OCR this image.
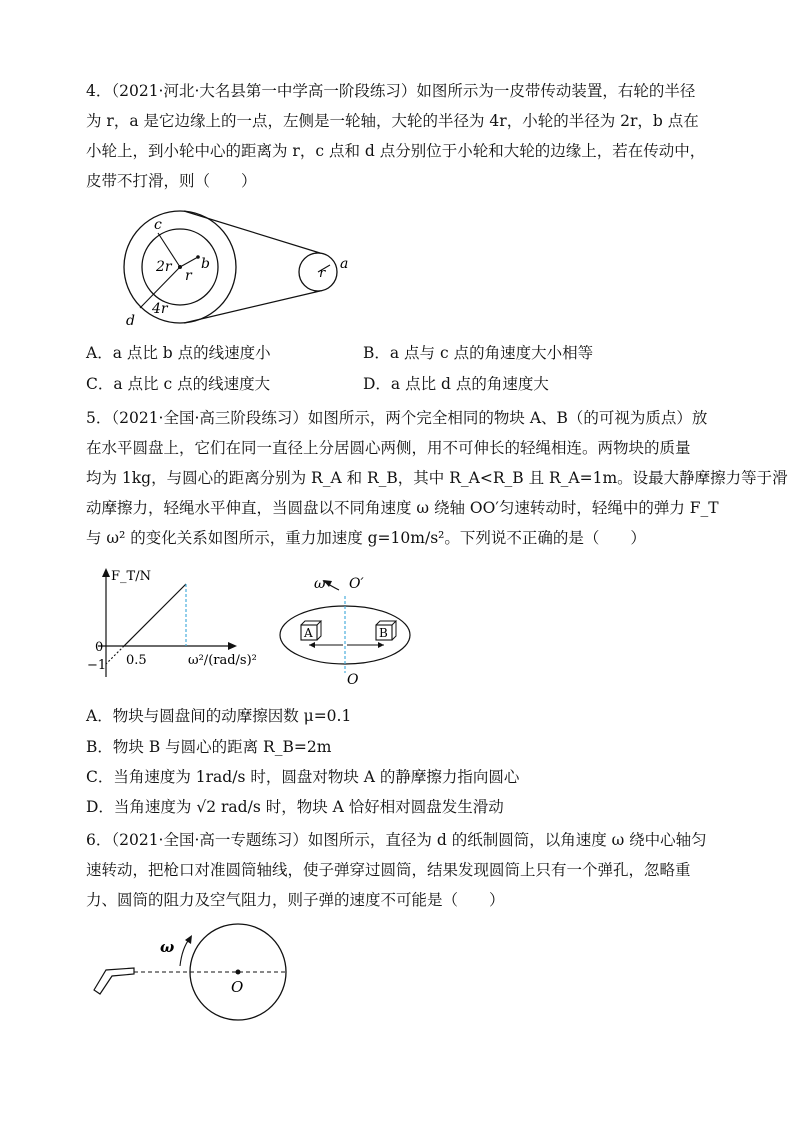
4．（2021·河北·大名县第一中学高一阶段练习）如图所示为一皮带传动装置，右轮的半径
为 r，a 是它边缘上的一点，左侧是一轮轴，大轮的半径为 4r，小轮的半径为 2r，b 点在
小轮上，到小轮中心的距离为 r，c 点和 d 点分别位于小轮和大轮的边缘上，若在传动中，
皮带不打滑，则（　　）
c
2r b
r
4r
d
r
a
A．a 点比 b 点的线速度小	B．a 点与 c 点的角速度大小相等
C．a 点比 c 点的线速度大	D．a 点比 d 点的角速度大
5．（2021·全国·高三阶段练习）如图所示，两个完全相同的物块 A、B（的可视为质点）放
在水平圆盘上，它们在同一直径上分居圆心两侧，用不可伸长的轻绳相连。两物块的质量
均为 1kg，与圆心的距离分别为 R_A 和 R_B，其中 R_A<R_B 且 R_A=1m。设最大静摩擦力等于滑
动摩擦力，轻绳水平伸直，当圆盘以不同角速度 ω 绕轴 OO′匀速转动时，轻绳中的弹力 F_T
与 ω² 的变化关系如图所示，重力加速度 g=10m/s²。下列说不正确的是（　　）
F_T/N
0
−1 0.5	ω²/(rad/s)²
A	B
ω O′
O
A．物块与圆盘间的动摩擦因数 μ=0.1
B．物块 B 与圆心的距离 R_B=2m
C．当角速度为 1rad/s 时，圆盘对物块 A 的静摩擦力指向圆心
D．当角速度为 √2 rad/s 时，物块 A 恰好相对圆盘发生滑动
6．（2021·全国·高一专题练习）如图所示，直径为 d 的纸制圆筒，以角速度 ω 绕中心轴匀
速转动，把枪口对准圆筒轴线，使子弹穿过圆筒，结果发现圆筒上只有一个弹孔，忽略重
力、圆筒的阻力及空气阻力，则子弹的速度不可能是（　　）
ω
O
